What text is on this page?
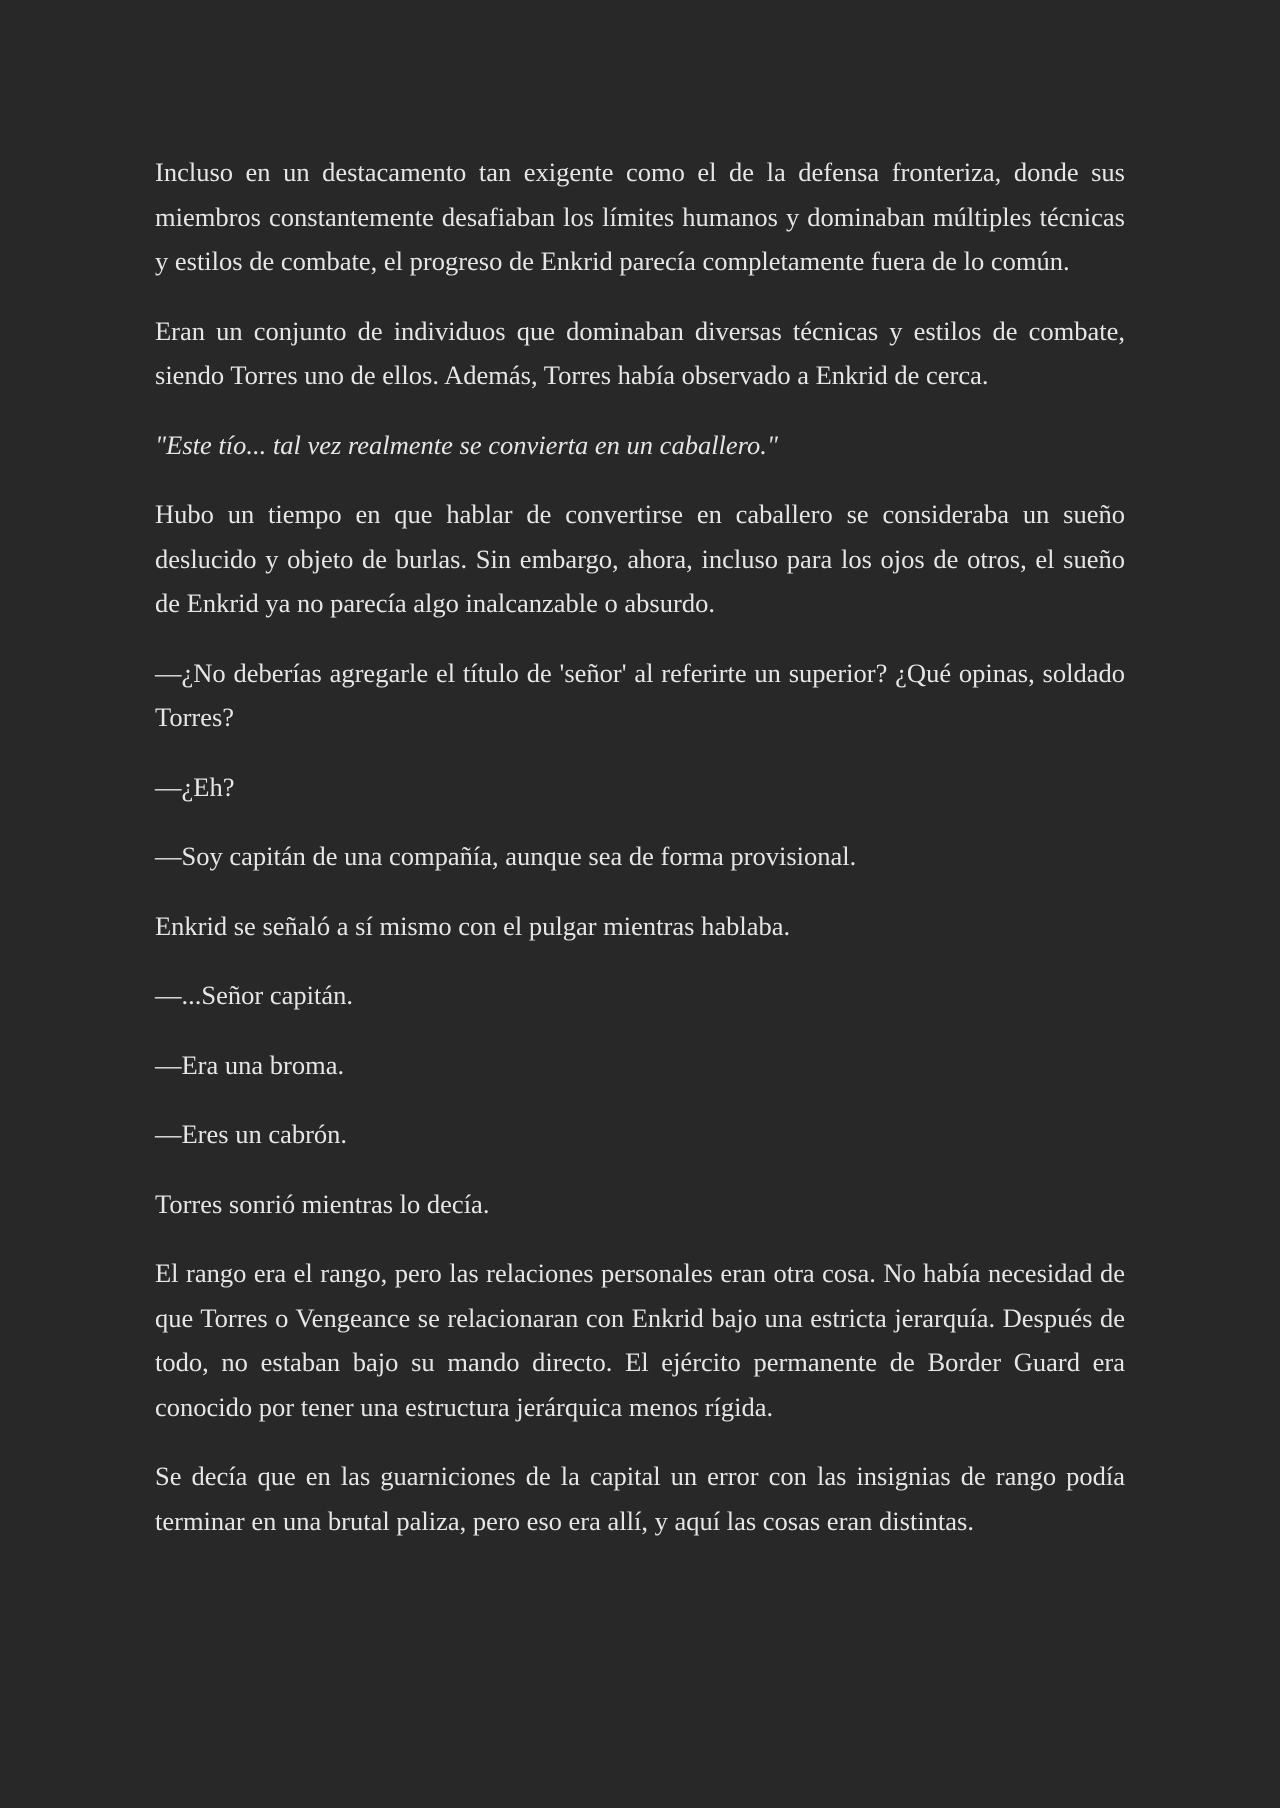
Incluso en un destacamento tan exigente como el de la defensa fronteriza, donde sus miembros constantemente desafiaban los límites humanos y dominaban múltiples técnicas y estilos de combate, el progreso de Enkrid parecía completamente fuera de lo común.

Eran un conjunto de individuos que dominaban diversas técnicas y estilos de combate, siendo Torres uno de ellos. Además, Torres había observado a Enkrid de cerca.

"Este tío... tal vez realmente se convierta en un caballero."

Hubo un tiempo en que hablar de convertirse en caballero se consideraba un sueño deslucido y objeto de burlas. Sin embargo, ahora, incluso para los ojos de otros, el sueño de Enkrid ya no parecía algo inalcanzable o absurdo.

—¿No deberías agregarle el título de 'señor' al referirte un superior? ¿Qué opinas, soldado Torres?

—¿Eh?

—Soy capitán de una compañía, aunque sea de forma provisional.

Enkrid se señaló a sí mismo con el pulgar mientras hablaba.

—...Señor capitán.

—Era una broma.

—Eres un cabrón.

Torres sonrió mientras lo decía.

El rango era el rango, pero las relaciones personales eran otra cosa. No había necesidad de que Torres o Vengeance se relacionaran con Enkrid bajo una estricta jerarquía. Después de todo, no estaban bajo su mando directo. El ejército permanente de Border Guard era conocido por tener una estructura jerárquica menos rígida.

Se decía que en las guarniciones de la capital un error con las insignias de rango podía terminar en una brutal paliza, pero eso era allí, y aquí las cosas eran distintas.
